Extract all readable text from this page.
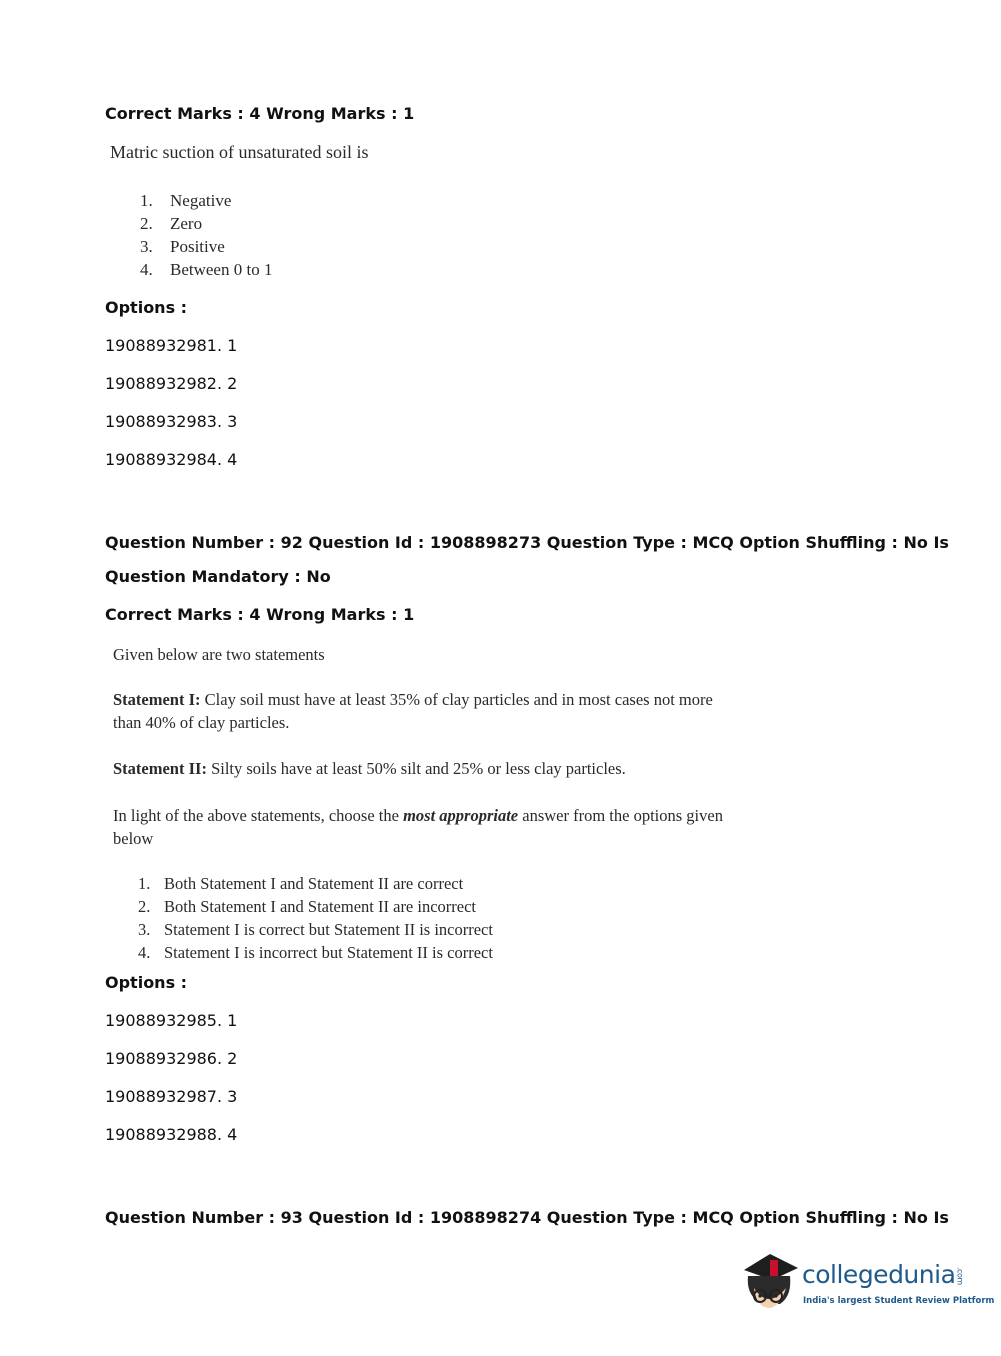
Correct Marks : 4 Wrong Marks : 1
Matric suction of unsaturated soil is
1. Negative
2. Zero
3. Positive
4. Between 0 to 1
Options :
19088932981. 1
19088932982. 2
19088932983. 3
19088932984. 4
Question Number : 92 Question Id : 1908898273 Question Type : MCQ Option Shuffling : No Is
Question Mandatory : No
Correct Marks : 4 Wrong Marks : 1
Given below are two statements
Statement I: Clay soil must have at least 35% of clay particles and in most cases not more than 40% of clay particles.
Statement II: Silty soils have at least 50% silt and 25% or less clay particles.
In light of the above statements, choose the most appropriate answer from the options given below
1. Both Statement I and Statement II are correct
2. Both Statement I and Statement II are incorrect
3. Statement I is correct but Statement II is incorrect
4. Statement I is incorrect but Statement II is correct
Options :
19088932985. 1
19088932986. 2
19088932987. 3
19088932988. 4
Question Number : 93 Question Id : 1908898274 Question Type : MCQ Option Shuffling : No Is
collegedunia.com
India's largest Student Review Platform
